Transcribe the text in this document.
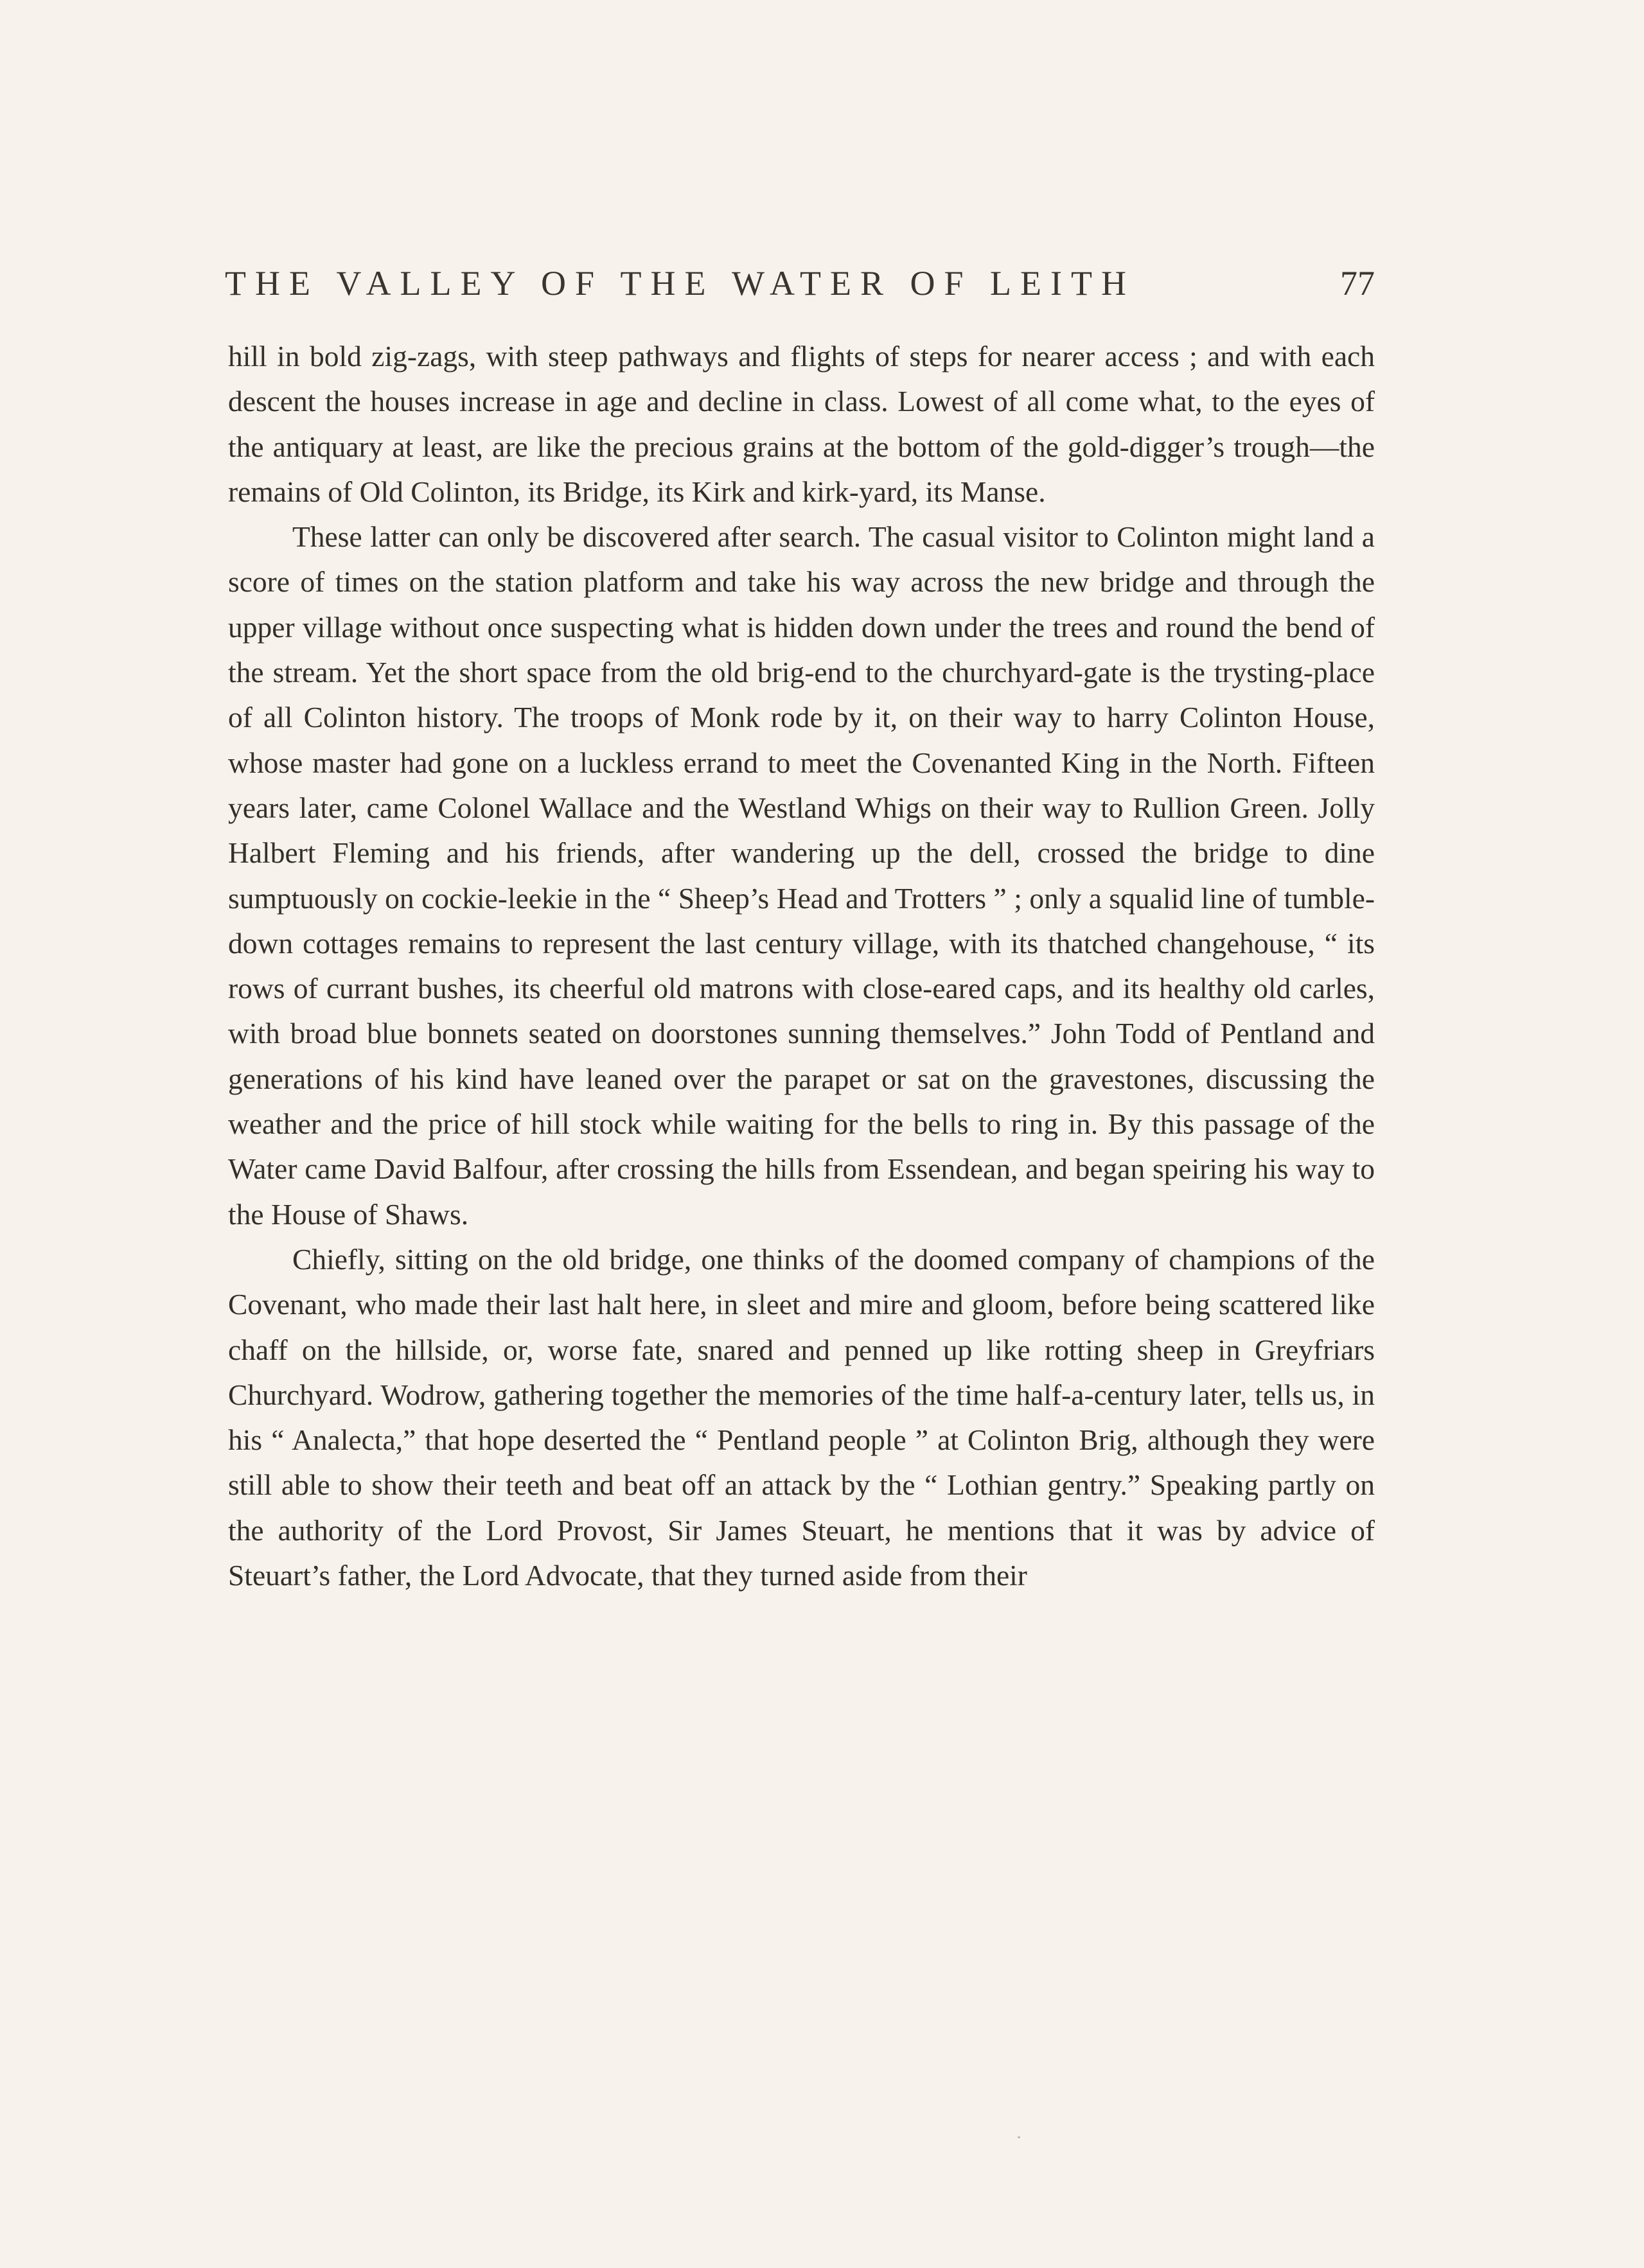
THE VALLEY OF THE WATER OF LEITH	77

hill in bold zig-zags, with steep pathways and flights of steps for nearer access ; and with each descent the houses increase in age and decline in class. Lowest of all come what, to the eyes of the antiquary at least, are like the precious grains at the bottom of the gold-digger’s trough—the remains of Old Colinton, its Bridge, its Kirk and kirk-yard, its Manse.

These latter can only be discovered after search. The casual visitor to Colinton might land a score of times on the station platform and take his way across the new bridge and through the upper village without once suspecting what is hidden down under the trees and round the bend of the stream. Yet the short space from the old brig-end to the churchyard-gate is the trysting-place of all Colinton history. The troops of Monk rode by it, on their way to harry Colinton House, whose master had gone on a luckless errand to meet the Covenanted King in the North. Fifteen years later, came Colonel Wallace and the Westland Whigs on their way to Rullion Green. Jolly Halbert Fleming and his friends, after wandering up the dell, crossed the bridge to dine sumptuously on cockie-leekie in the “ Sheep’s Head and Trotters ” ; only a squalid line of tumble-down cottages remains to represent the last century village, with its thatched changehouse, “ its rows of currant bushes, its cheerful old matrons with close-eared caps, and its healthy old carles, with broad blue bonnets seated on doorstones sunning themselves.” John Todd of Pentland and generations of his kind have leaned over the parapet or sat on the gravestones, discussing the weather and the price of hill stock while waiting for the bells to ring in. By this passage of the Water came David Balfour, after crossing the hills from Essendean, and began speiring his way to the House of Shaws.

Chiefly, sitting on the old bridge, one thinks of the doomed company of champions of the Covenant, who made their last halt here, in sleet and mire and gloom, before being scattered like chaff on the hillside, or, worse fate, snared and penned up like rotting sheep in Greyfriars Churchyard. Wodrow, gathering together the memories of the time half-a-century later, tells us, in his “ Analecta,” that hope deserted the “ Pentland people ” at Colinton Brig, although they were still able to show their teeth and beat off an attack by the “ Lothian gentry.” Speaking partly on the authority of the Lord Provost, Sir James Steuart, he mentions that it was by advice of Steuart’s father, the Lord Advocate, that they turned aside from their
